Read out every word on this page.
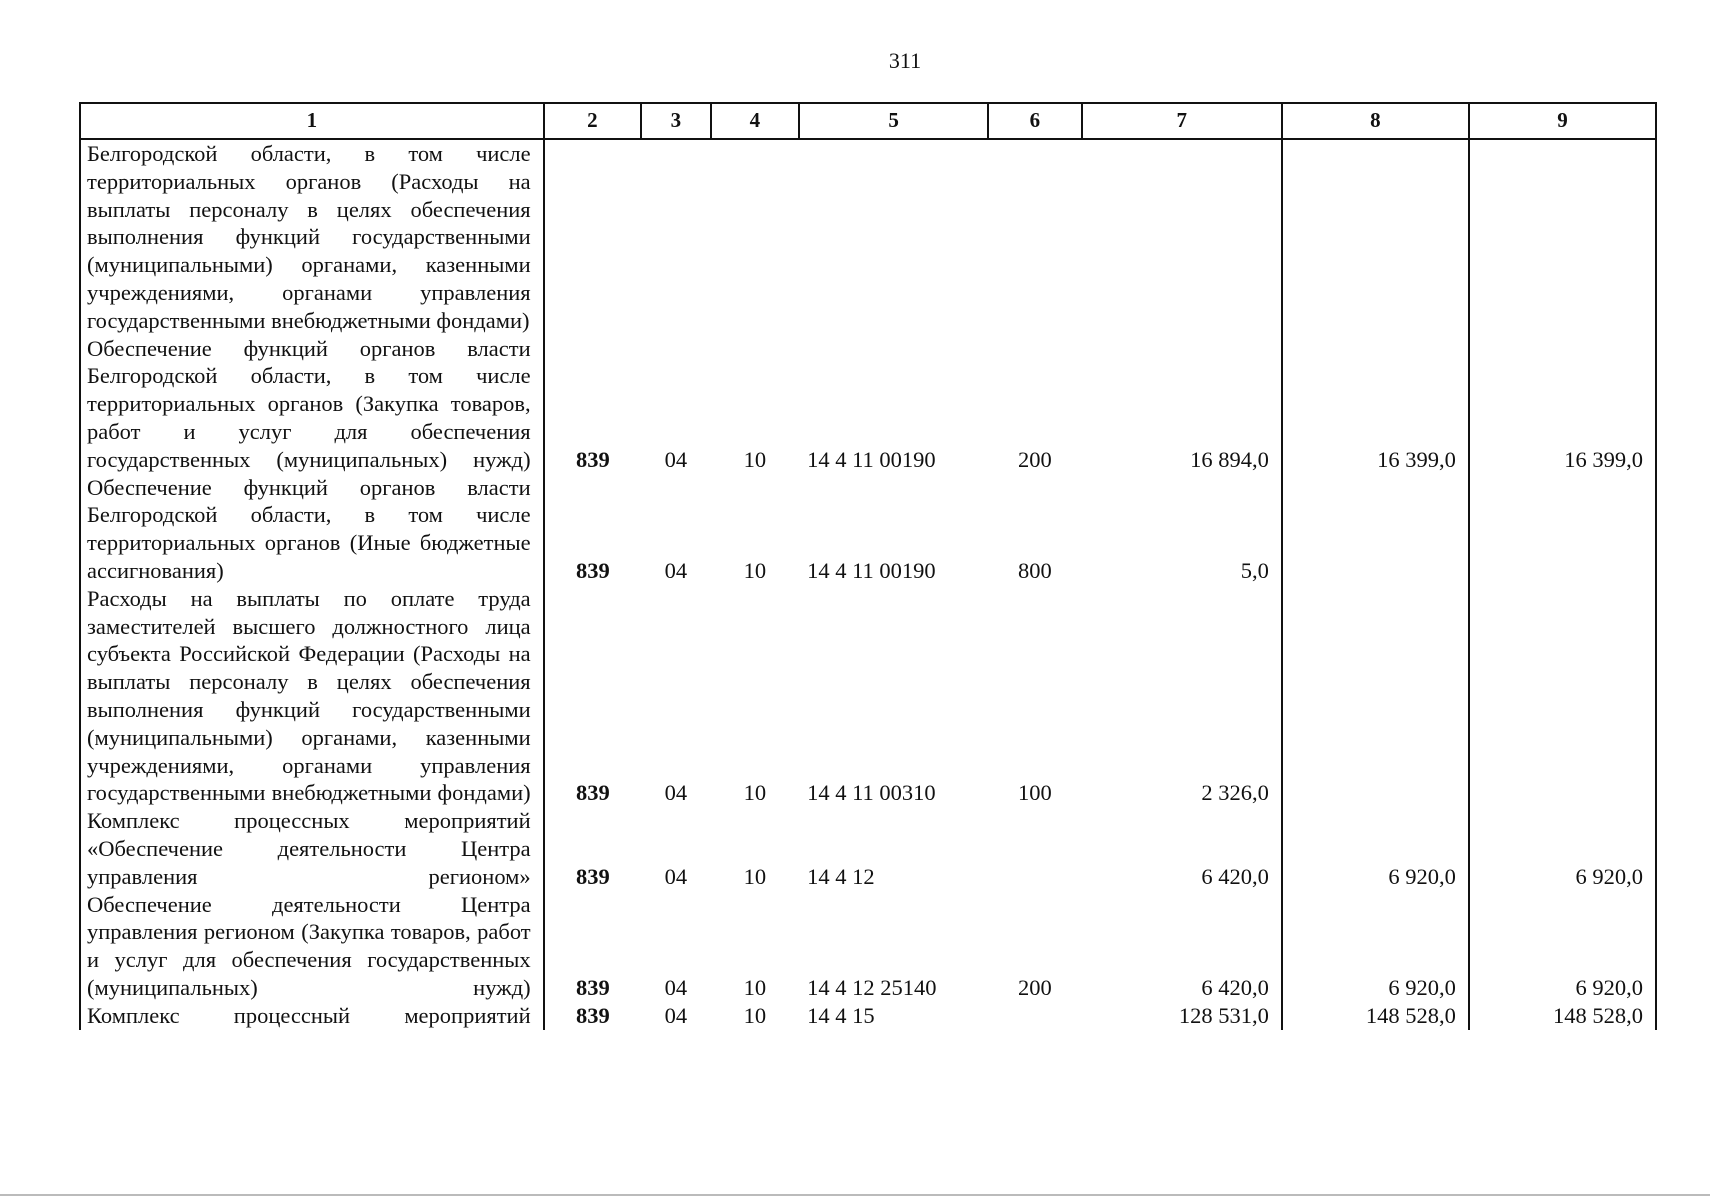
311
1	2	3	4	5	6	7	8	9
Белгородской области, в том числе территориальных органов (Расходы на выплаты персоналу в целях обеспечения выполнения функций государственными (муниципальными) органами, казенными учреждениями, органами управления государственными внебюджетными фондами)								
Обеспечение функций органов власти Белгородской области, в том числе территориальных органов (Закупка товаров, работ и услуг для обеспечения государственных (муниципальных) нужд)	839	04	10	14 4 11 00190	200	16 894,0	16 399,0	16 399,0
Обеспечение функций органов власти Белгородской области, в том числе территориальных органов (Иные бюджетные ассигнования)	839	04	10	14 4 11 00190	800	5,0		
Расходы на выплаты по оплате труда заместителей высшего должностного лица субъекта Российской Федерации (Расходы на выплаты персоналу в целях обеспечения выполнения функций государственными (муниципальными) органами, казенными учреждениями, органами управления государственными внебюджетными фондами)	839	04	10	14 4 11 00310	100	2 326,0		
Комплекс процессных мероприятий «Обеспечение деятельности Центра управления регионом»	839	04	10	14 4 12		6 420,0	6 920,0	6 920,0
Обеспечение деятельности Центра управления регионом (Закупка товаров, работ и услуг для обеспечения государственных (муниципальных) нужд)	839	04	10	14 4 12 25140	200	6 420,0	6 920,0	6 920,0
Комплекс процессный мероприятий	839	04	10	14 4 15		128 531,0	148 528,0	148 528,0
